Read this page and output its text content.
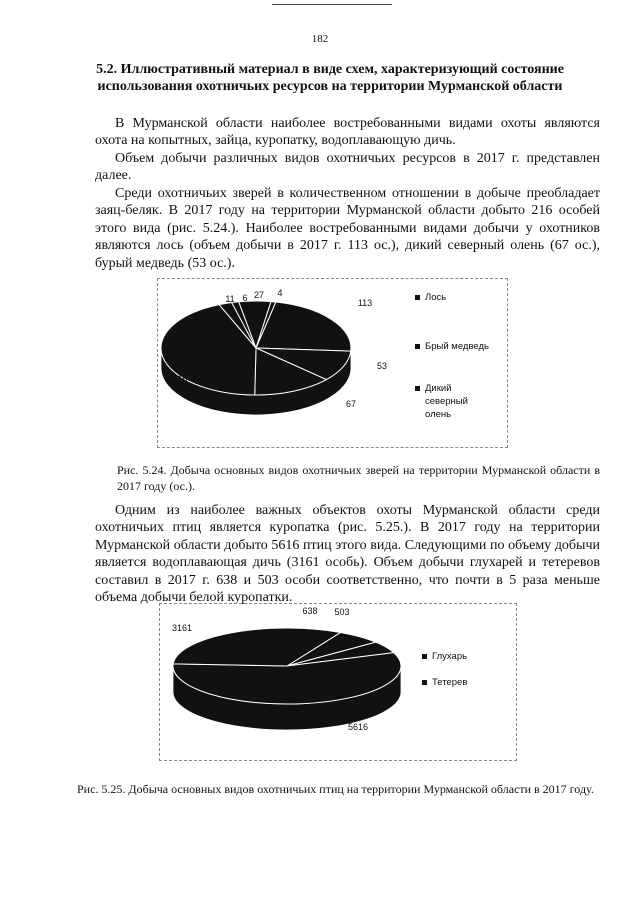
182
5.2. Иллюстративный материал в виде схем, характеризующий состояние использования охотничьих ресурсов на территории Мурманской области
В Мурманской области наиболее востребованными видами охоты являются охота на копытных, зайца, куропатку, водоплавающую дичь.
Объем добычи различных видов охотничьих ресурсов в 2017 г. представлен далее.
Среди охотничьих зверей в количественном отношении в добыче преобладает заяц-беляк. В 2017 году на территории Мурманской области добыто 216 особей этого вида (рис. 5.24.). Наиболее востребованными видами добычи у охотников являются лось (объем добычи в 2017 г. 113 ос.), дикий северный олень (67 ос.), бурый медведь (53 ос.).
113
53
67
216
11 6 27 4	Лось
Брый медведь
Дикий северный олень
Рис. 5.24. Добыча основных видов охотничьих зверей на территории Мурманской области в 2017 году (ос.).
Одним из наиболее важных объектов охоты Мурманской области среди охотничьих птиц является куропатка (рис. 5.25.). В 2017 году на территории Мурманской области добыто 5616 птиц этого вида. Следующими по объему добычи является водоплавающая дичь (3161 особь). Объем добычи глухарей и тетеревов составил в 2017 г. 638 и 503 особи соответственно, что почти в 5 раза меньше объема добычи белой куропатки.
638 503
5616
3161
Глухарь
Тетерев
Рис. 5.25. Добыча основных видов охотничьих птиц на территории Мурманской области в 2017 году.
